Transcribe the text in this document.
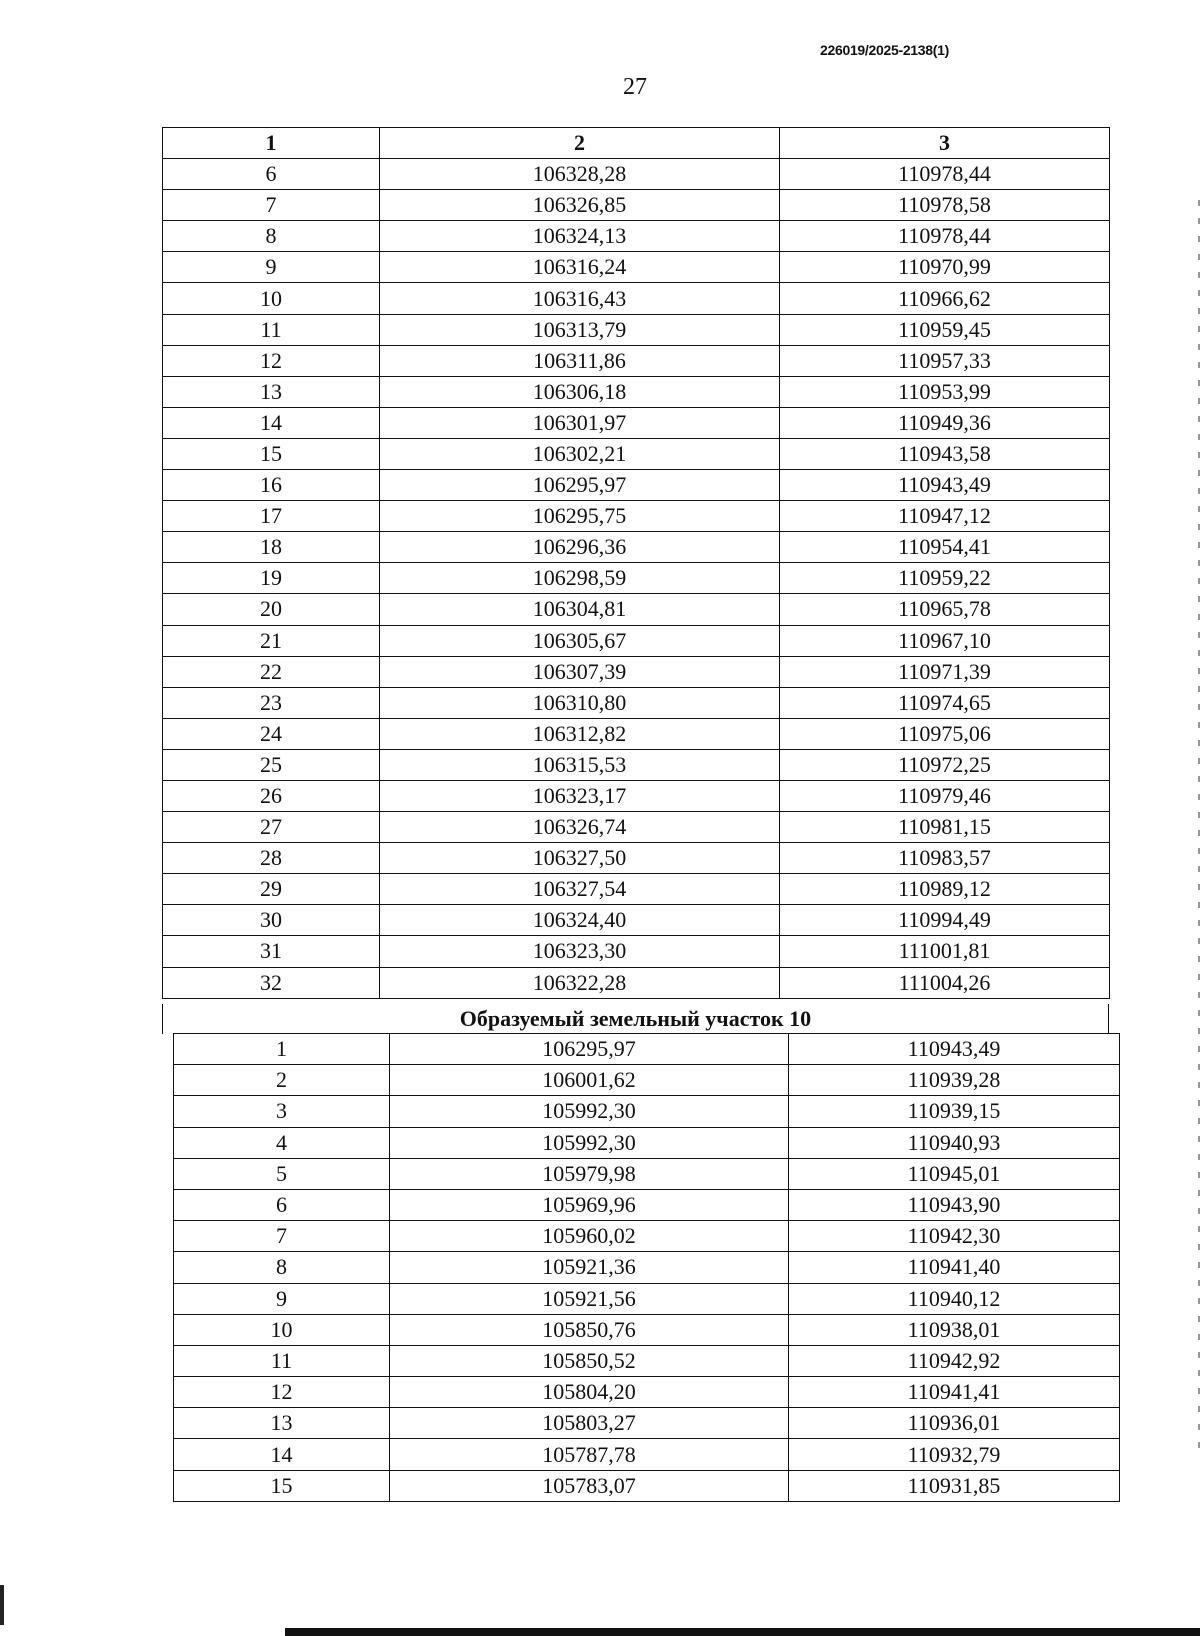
226019/2025-2138(1)
27
1	2	3
6	106328,28	110978,44
7	106326,85	110978,58
8	106324,13	110978,44
9	106316,24	110970,99
10	106316,43	110966,62
11	106313,79	110959,45
12	106311,86	110957,33
13	106306,18	110953,99
14	106301,97	110949,36
15	106302,21	110943,58
16	106295,97	110943,49
17	106295,75	110947,12
18	106296,36	110954,41
19	106298,59	110959,22
20	106304,81	110965,78
21	106305,67	110967,10
22	106307,39	110971,39
23	106310,80	110974,65
24	106312,82	110975,06
25	106315,53	110972,25
26	106323,17	110979,46
27	106326,74	110981,15
28	106327,50	110983,57
29	106327,54	110989,12
30	106324,40	110994,49
31	106323,30	111001,81
32	106322,28	111004,26
Образуемый земельный участок 10
1	106295,97	110943,49
2	106001,62	110939,28
3	105992,30	110939,15
4	105992,30	110940,93
5	105979,98	110945,01
6	105969,96	110943,90
7	105960,02	110942,30
8	105921,36	110941,40
9	105921,56	110940,12
10	105850,76	110938,01
11	105850,52	110942,92
12	105804,20	110941,41
13	105803,27	110936,01
14	105787,78	110932,79
15	105783,07	110931,85
